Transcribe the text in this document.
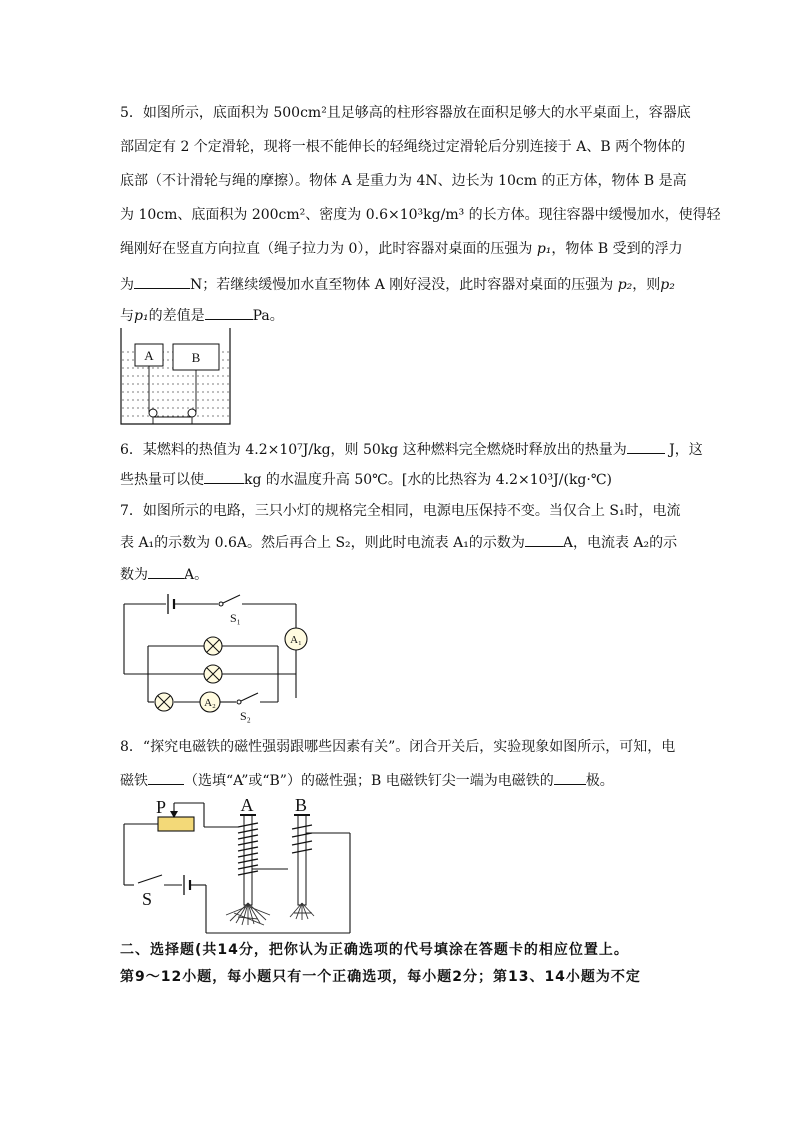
5．如图所示，底面积为 500cm²且足够高的柱形容器放在面积足够大的水平桌面上，容器底
部固定有 2 个定滑轮，现将一根不能伸长的轻绳绕过定滑轮后分别连接于 A、B 两个物体的
底部（不计滑轮与绳的摩擦）。物体 A 是重力为 4N、边长为 10cm 的正方体，物体 B 是高
为 10cm、底面积为 200cm²、密度为 0.6×10³kg/m³ 的长方体。现往容器中缓慢加水，使得轻
绳刚好在竖直方向拉直（绳子拉力为 0），此时容器对桌面的压强为 p₁，物体 B 受到的浮力
为	N；若继续缓慢加水直至物体 A 刚好浸没，此时容器对桌面的压强为 p₂，则p₂
与p₁的差值是	Pa。
A	B
6．某燃料的热值为 4.2×10⁷J/kg，则 50kg 这种燃料完全燃烧时释放出的热量为	J，这
些热量可以使	kg 的水温度升高 50℃。[水的比热容为 4.2×10³J/(kg·℃)
7．如图所示的电路，三只小灯的规格完全相同，电源电压保持不变。当仅合上 S₁时，电流
表 A₁的示数为 0.6A。然后再合上 S₂，则此时电流表 A₁的示数为	A，电流表 A₂的示
数为	A。
A₁
A₂
S₁
S₂
8．“探究电磁铁的磁性强弱跟哪些因素有关”。闭合开关后，实验现象如图所示，可知，电
磁铁	（选填“A”或“B”）的磁性强；B 电磁铁钉尖一端为电磁铁的 极。
P	A B
S
二、选择题(共14分，把你认为正确选项的代号填涂在答题卡的相应位置上。
第9～12小题，每小题只有一个正确选项，每小题2分；第13、14小题为不定
